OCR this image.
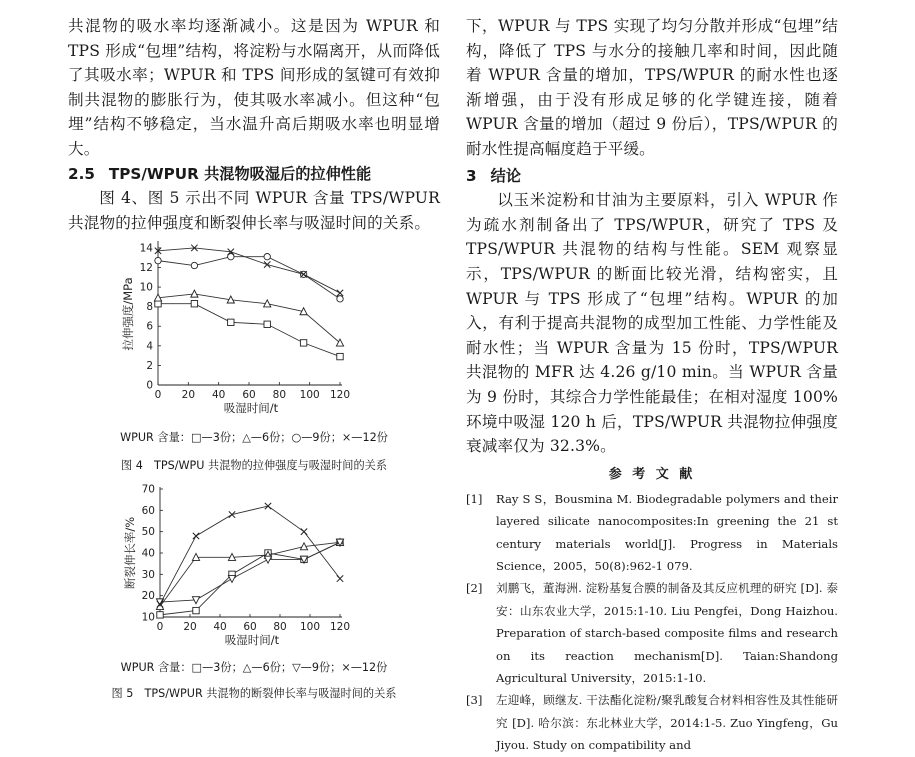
共混物的吸水率均逐渐减小。这是因为 WPUR 和 TPS 形成“包埋”结构，将淀粉与水隔离开，从而降低了其吸水率；WPUR 和 TPS 间形成的氢键可有效抑制共混物的膨胀行为，使其吸水率减小。但这种“包埋”结构不够稳定，当水温升高后期吸水率也明显增大。

2.5 TPS/WPUR 共混物吸湿后的拉伸性能

图 4、图 5 示出不同 WPUR 含量 TPS/WPUR 共混物的拉伸强度和断裂伸长率与吸湿时间的关系。

0
2
4
6
8
10
12
14
0 20 40 60 80 100 120
吸湿时间/t
拉伸强度/MPa

WPUR 含量：□—3份；△—6份；○—9份；×—12份

图 4　TPS/WPU 共混物的拉伸强度与吸湿时间的关系

10
20
30
40
50
60
70
0 20 40 60 80 100 120
吸湿时间/t
断裂伸长率/%

WPUR 含量：□—3份；△—6份；▽—9份；×—12份

图 5　TPS/WPUR 共混物的断裂伸长率与吸湿时间的关系

下，WPUR 与 TPS 实现了均匀分散并形成“包埋”结构，降低了 TPS 与水分的接触几率和时间，因此随着 WPUR 含量的增加，TPS/WPUR 的耐水性也逐渐增强，由于没有形成足够的化学键连接，随着 WPUR 含量的增加（超过 9 份后），TPS/WPUR 的耐水性提高幅度趋于平缓。

3 结论

以玉米淀粉和甘油为主要原料，引入 WPUR 作为疏水剂制备出了 TPS/WPUR，研究了 TPS 及 TPS/WPUR 共混物的结构与性能。SEM 观察显示，TPS/WPUR 的断面比较光滑，结构密实，且 WPUR 与 TPS 形成了“包埋”结构。WPUR 的加入，有利于提高共混物的成型加工性能、力学性能及耐水性；当 WPUR 含量为 15 份时，TPS/WPUR 共混物的 MFR 达 4.26 g/10 min。当 WPUR 含量为 9 份时，其综合力学性能最佳；在相对湿度 100% 环境中吸湿 120 h 后，TPS/WPUR 共混物拉伸强度衰减率仅为 32.3%。

参 考 文 献
[1]	Ray S S，Bousmina M. Biodegradable polymers and their layered silicate nanocomposites:In greening the 21 st century materials world[J]. Progress in Materials Science，2005，50(8):962-1 079.
[2]	刘鹏飞，董海洲. 淀粉基复合膜的制备及其反应机理的研究 [D]. 泰安：山东农业大学，2015:1-10. Liu Pengfei，Dong Haizhou. Preparation of starch-based composite films and research on its reaction mechanism[D]. Taian:Shandong Agricultural University，2015:1-10.
[3]	左迎峰，顾继友. 干法酯化淀粉/聚乳酸复合材料相容性及其性能研究 [D]. 哈尔滨：东北林业大学，2014:1-5. Zuo Yingfeng，Gu Jiyou. Study on compatibility and
